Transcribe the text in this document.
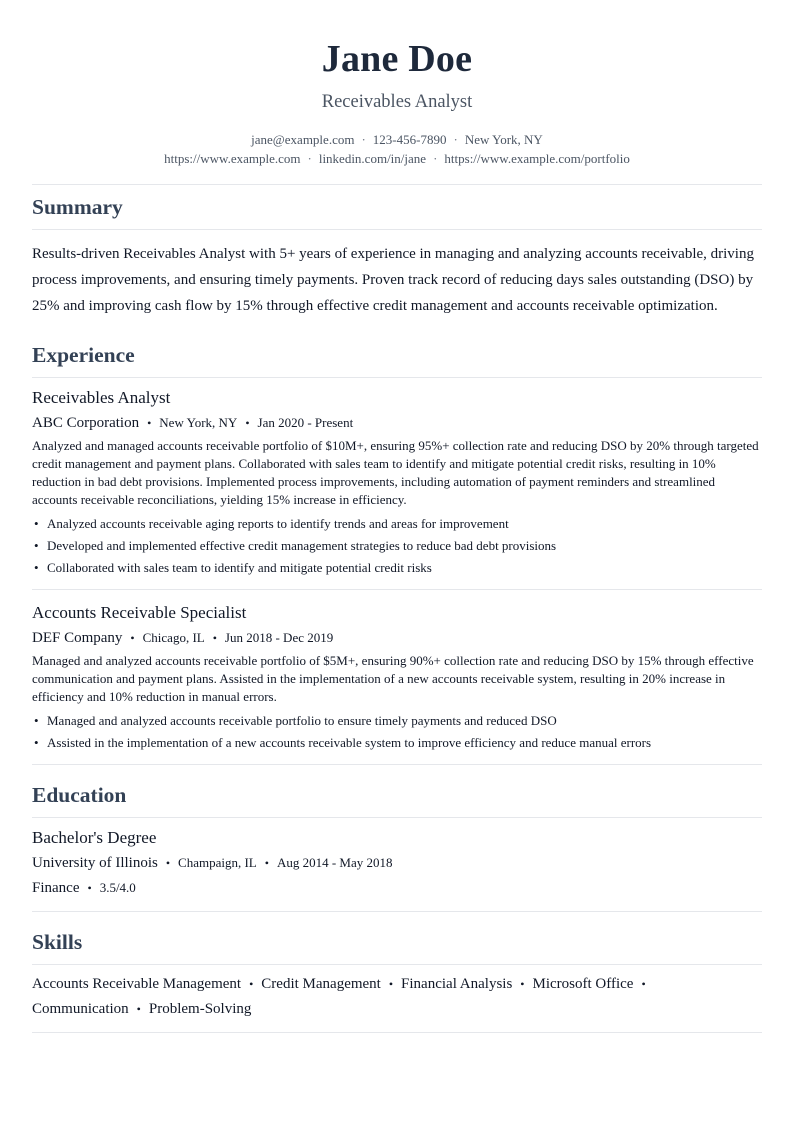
Jane Doe
Receivables Analyst
jane@example.com · 123-456-7890 · New York, NY
https://www.example.com · linkedin.com/in/jane · https://www.example.com/portfolio
Summary

Results-driven Receivables Analyst with 5+ years of experience in managing and analyzing accounts receivable, driving process improvements, and ensuring timely payments. Proven track record of reducing days sales outstanding (DSO) by 25% and improving cash flow by 15% through effective credit management and accounts receivable optimization.

Experience
Receivables Analyst
ABC Corporation • New York, NY • Jan 2020 - Present
Analyzed and managed accounts receivable portfolio of $10M+, ensuring 95%+ collection rate and reducing DSO by 20% through targeted credit management and payment plans. Collaborated with sales team to identify and mitigate potential credit risks, resulting in 10% reduction in bad debt provisions. Implemented process improvements, including automation of payment reminders and streamlined accounts receivable reconciliations, yielding 15% increase in efficiency.
• Analyzed accounts receivable aging reports to identify trends and areas for improvement
• Developed and implemented effective credit management strategies to reduce bad debt provisions
• Collaborated with sales team to identify and mitigate potential credit risks
Accounts Receivable Specialist
DEF Company • Chicago, IL • Jun 2018 - Dec 2019
Managed and analyzed accounts receivable portfolio of $5M+, ensuring 90%+ collection rate and reducing DSO by 15% through effective communication and payment plans. Assisted in the implementation of a new accounts receivable system, resulting in 20% increase in efficiency and 10% reduction in manual errors.
• Managed and analyzed accounts receivable portfolio to ensure timely payments and reduced DSO
• Assisted in the implementation of a new accounts receivable system to improve efficiency and reduce manual errors
Education
Bachelor's Degree
University of Illinois • Champaign, IL • Aug 2014 - May 2018
Finance • 3.5/4.0
Skills
Accounts Receivable Management • Credit Management • Financial Analysis • Microsoft Office •
Communication • Problem-Solving
